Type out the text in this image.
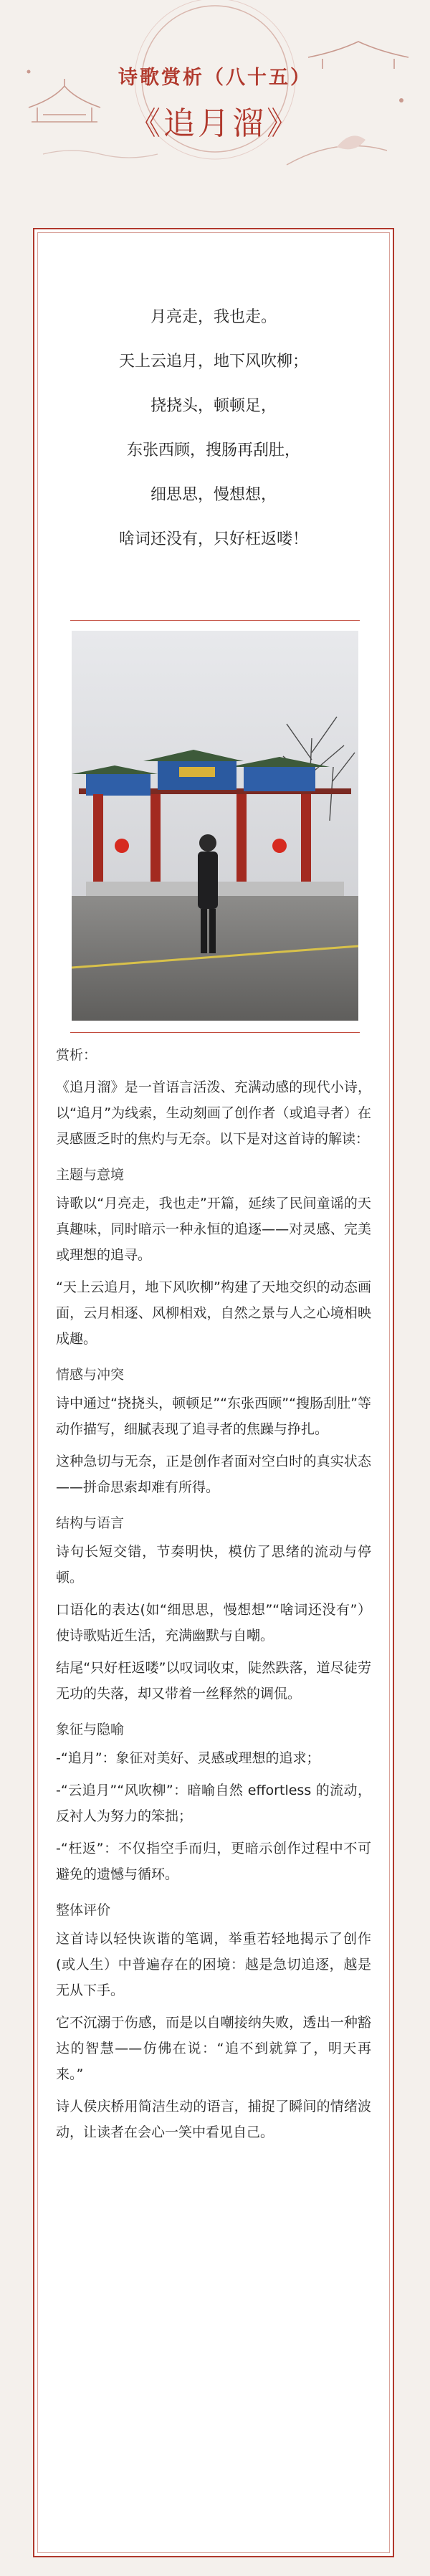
诗歌赏析（八十五）
《追月溜》
月亮走，我也走。
天上云追月，地下风吹柳；
挠挠头，顿顿足，
东张西顾，搜肠再刮肚，
细思思，慢想想，
啥词还没有，只好枉返喽！

赏析：

《追月溜》是一首语言活泼、充满动感的现代小诗，以“追月”为线索，生动刻画了创作者（或追寻者）在灵感匮乏时的焦灼与无奈。以下是对这首诗的解读：

主题与意境

诗歌以“月亮走，我也走”开篇，延续了民间童谣的天真趣味，同时暗示一种永恒的追逐——对灵感、完美或理想的追寻。

“天上云追月，地下风吹柳”构建了天地交织的动态画面，云月相逐、风柳相戏，自然之景与人之心境相映成趣。

情感与冲突

诗中通过“挠挠头，顿顿足”“东张西顾”“搜肠刮肚”等动作描写，细腻表现了追寻者的焦躁与挣扎。

这种急切与无奈，正是创作者面对空白时的真实状态——拼命思索却难有所得。

结构与语言

诗句长短交错，节奏明快，模仿了思绪的流动与停顿。

口语化的表达(如“细思思，慢想想”“啥词还没有”）使诗歌贴近生活，充满幽默与自嘲。

结尾“只好枉返喽”以叹词收束，陡然跌落，道尽徒劳无功的失落，却又带着一丝释然的调侃。

象征与隐喻

-“追月”：象征对美好、灵感或理想的追求；

-“云追月”“风吹柳”：暗喻自然 effortless 的流动，反衬人为努力的笨拙；

-“枉返”：不仅指空手而归，更暗示创作过程中不可避免的遗憾与循环。

整体评价

这首诗以轻快诙谐的笔调，举重若轻地揭示了创作(或人生）中普遍存在的困境：越是急切追逐，越是无从下手。

它不沉溺于伤感，而是以自嘲接纳失败，透出一种豁达的智慧——仿佛在说：“追不到就算了，明天再来。”

诗人侯庆桥用简洁生动的语言，捕捉了瞬间的情绪波动，让读者在会心一笑中看见自己。
